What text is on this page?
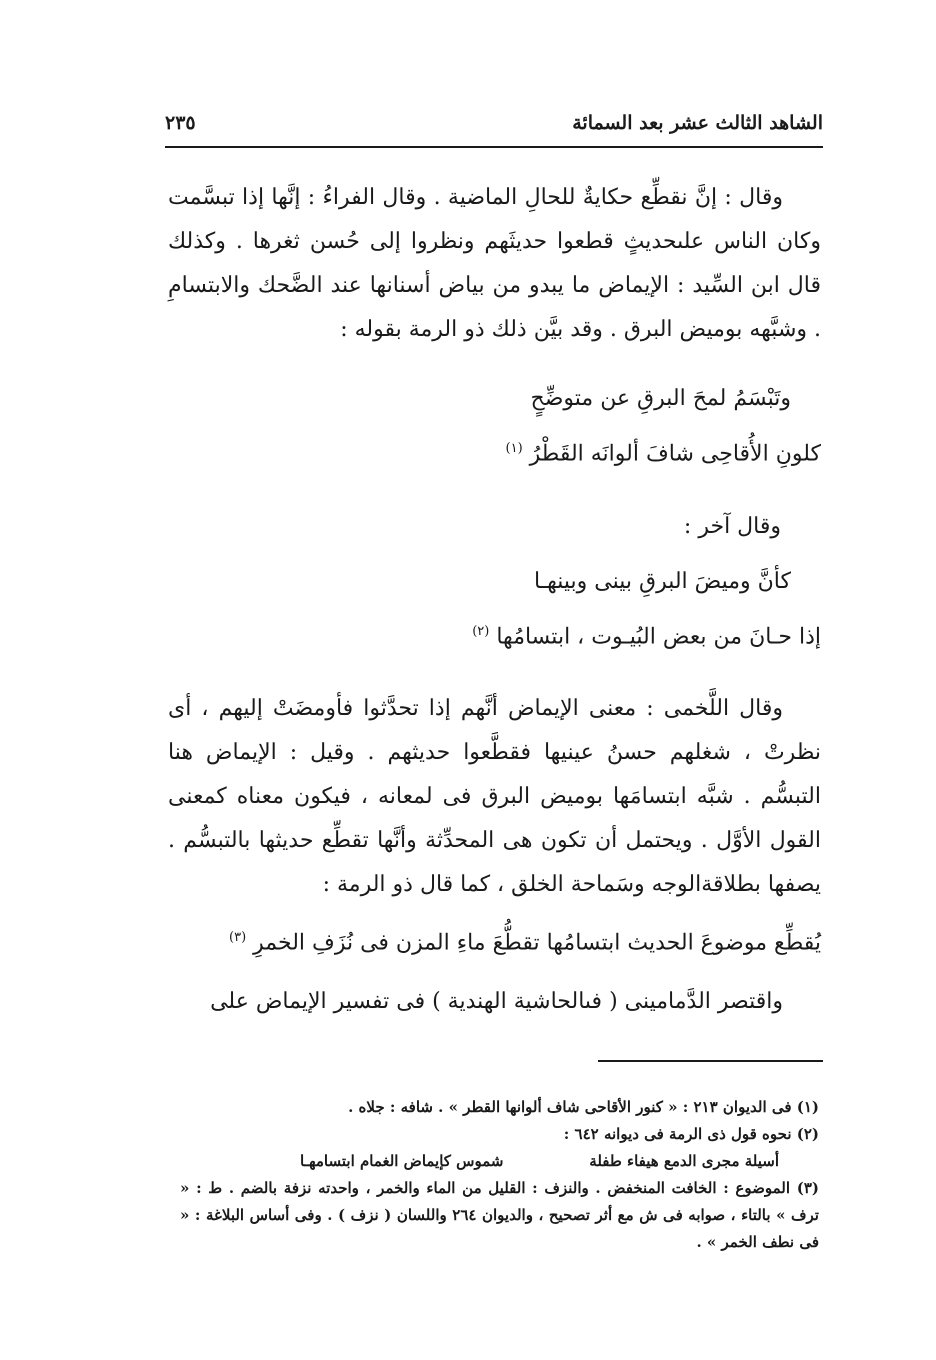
الشاهد الثالث عشر بعد السمائة
٢٣٥

وقال : إنَّ نقطِّع حكايةٌ للحالِ الماضية . وقال الفراءُ : إنَّها إذا تبسَّمت وكان الناس علىحديثٍ قطعوا حديثَهم ونظروا إلى حُسن ثغرها . وكذلك قال ابن السِّيد : الإيماض ما يبدو من بياض أسنانها عند الضَّحك والابتسامِ . وشبَّهه بوميض البرق . وقد بيَّن ذلك ذو الرمة بقوله :

وتَبْسَمُ لمحَ البرقِ عن متوضِّحٍ
كلونِ الأُقاحِى شافَ ألوانَه القَطْرُ $^{(١)}$

وقال آخر :

كأنَّ وميضَ البرقِ بينى وبينهـا
إذا حـانَ من بعض البُيـوت ، ابتسامُها $^{(٢)}$

وقال اللَّخمى : معنى الإيماض أنَّهم إذا تحدَّثوا فأومضَتْ إليهم ، أى نظرتْ ، شغلهم حسنُ عينيها فقطَّعوا حديثهم . وقيل : الإيماض هنا التبسُّم . شبَّه ابتسامَها بوميض البرق فى لمعانه ، فيكون معناه كمعنى القول الأوَّل . ويحتمل أن تكون هى المحدِّثة وأنَّها تقطِّع حديثها بالتبسُّم . يصفها بطلاقةالوجه وسَماحة الخلق ، كما قال ذو الرمة :

يُقطِّع موضوعَ الحديث ابتسامُها تقطُّعَ ماءِ المزن فى نُزَفِ الخمرِ $^{(٣)}$

واقتصر الدَّمامينى ( فىالحاشية الهندية ) فى تفسير الإيماض على

(١) فى الديوان ٢١٣ : « كنور الأقاحى شاف ألوانها القطر » . شافه : جلاه .

(٢) نحوه قول ذى الرمة فى ديوانه ٦٤٢ :

أسيلة مجرى الدمع هيفاء طفلة
شموس كإيماض الغمام ابتسامهـا

(٣) الموضوع : الخافت المنخفض . والنزف : القليل من الماء والخمر ، واحدته نزفة بالضم . ط : « ترف » بالتاء ، صوابه فى ش مع أثر تصحيح ، والديوان ٢٦٤ واللسان ( نزف ) . وفى أساس البلاغة : « فى نطف الخمر » .
